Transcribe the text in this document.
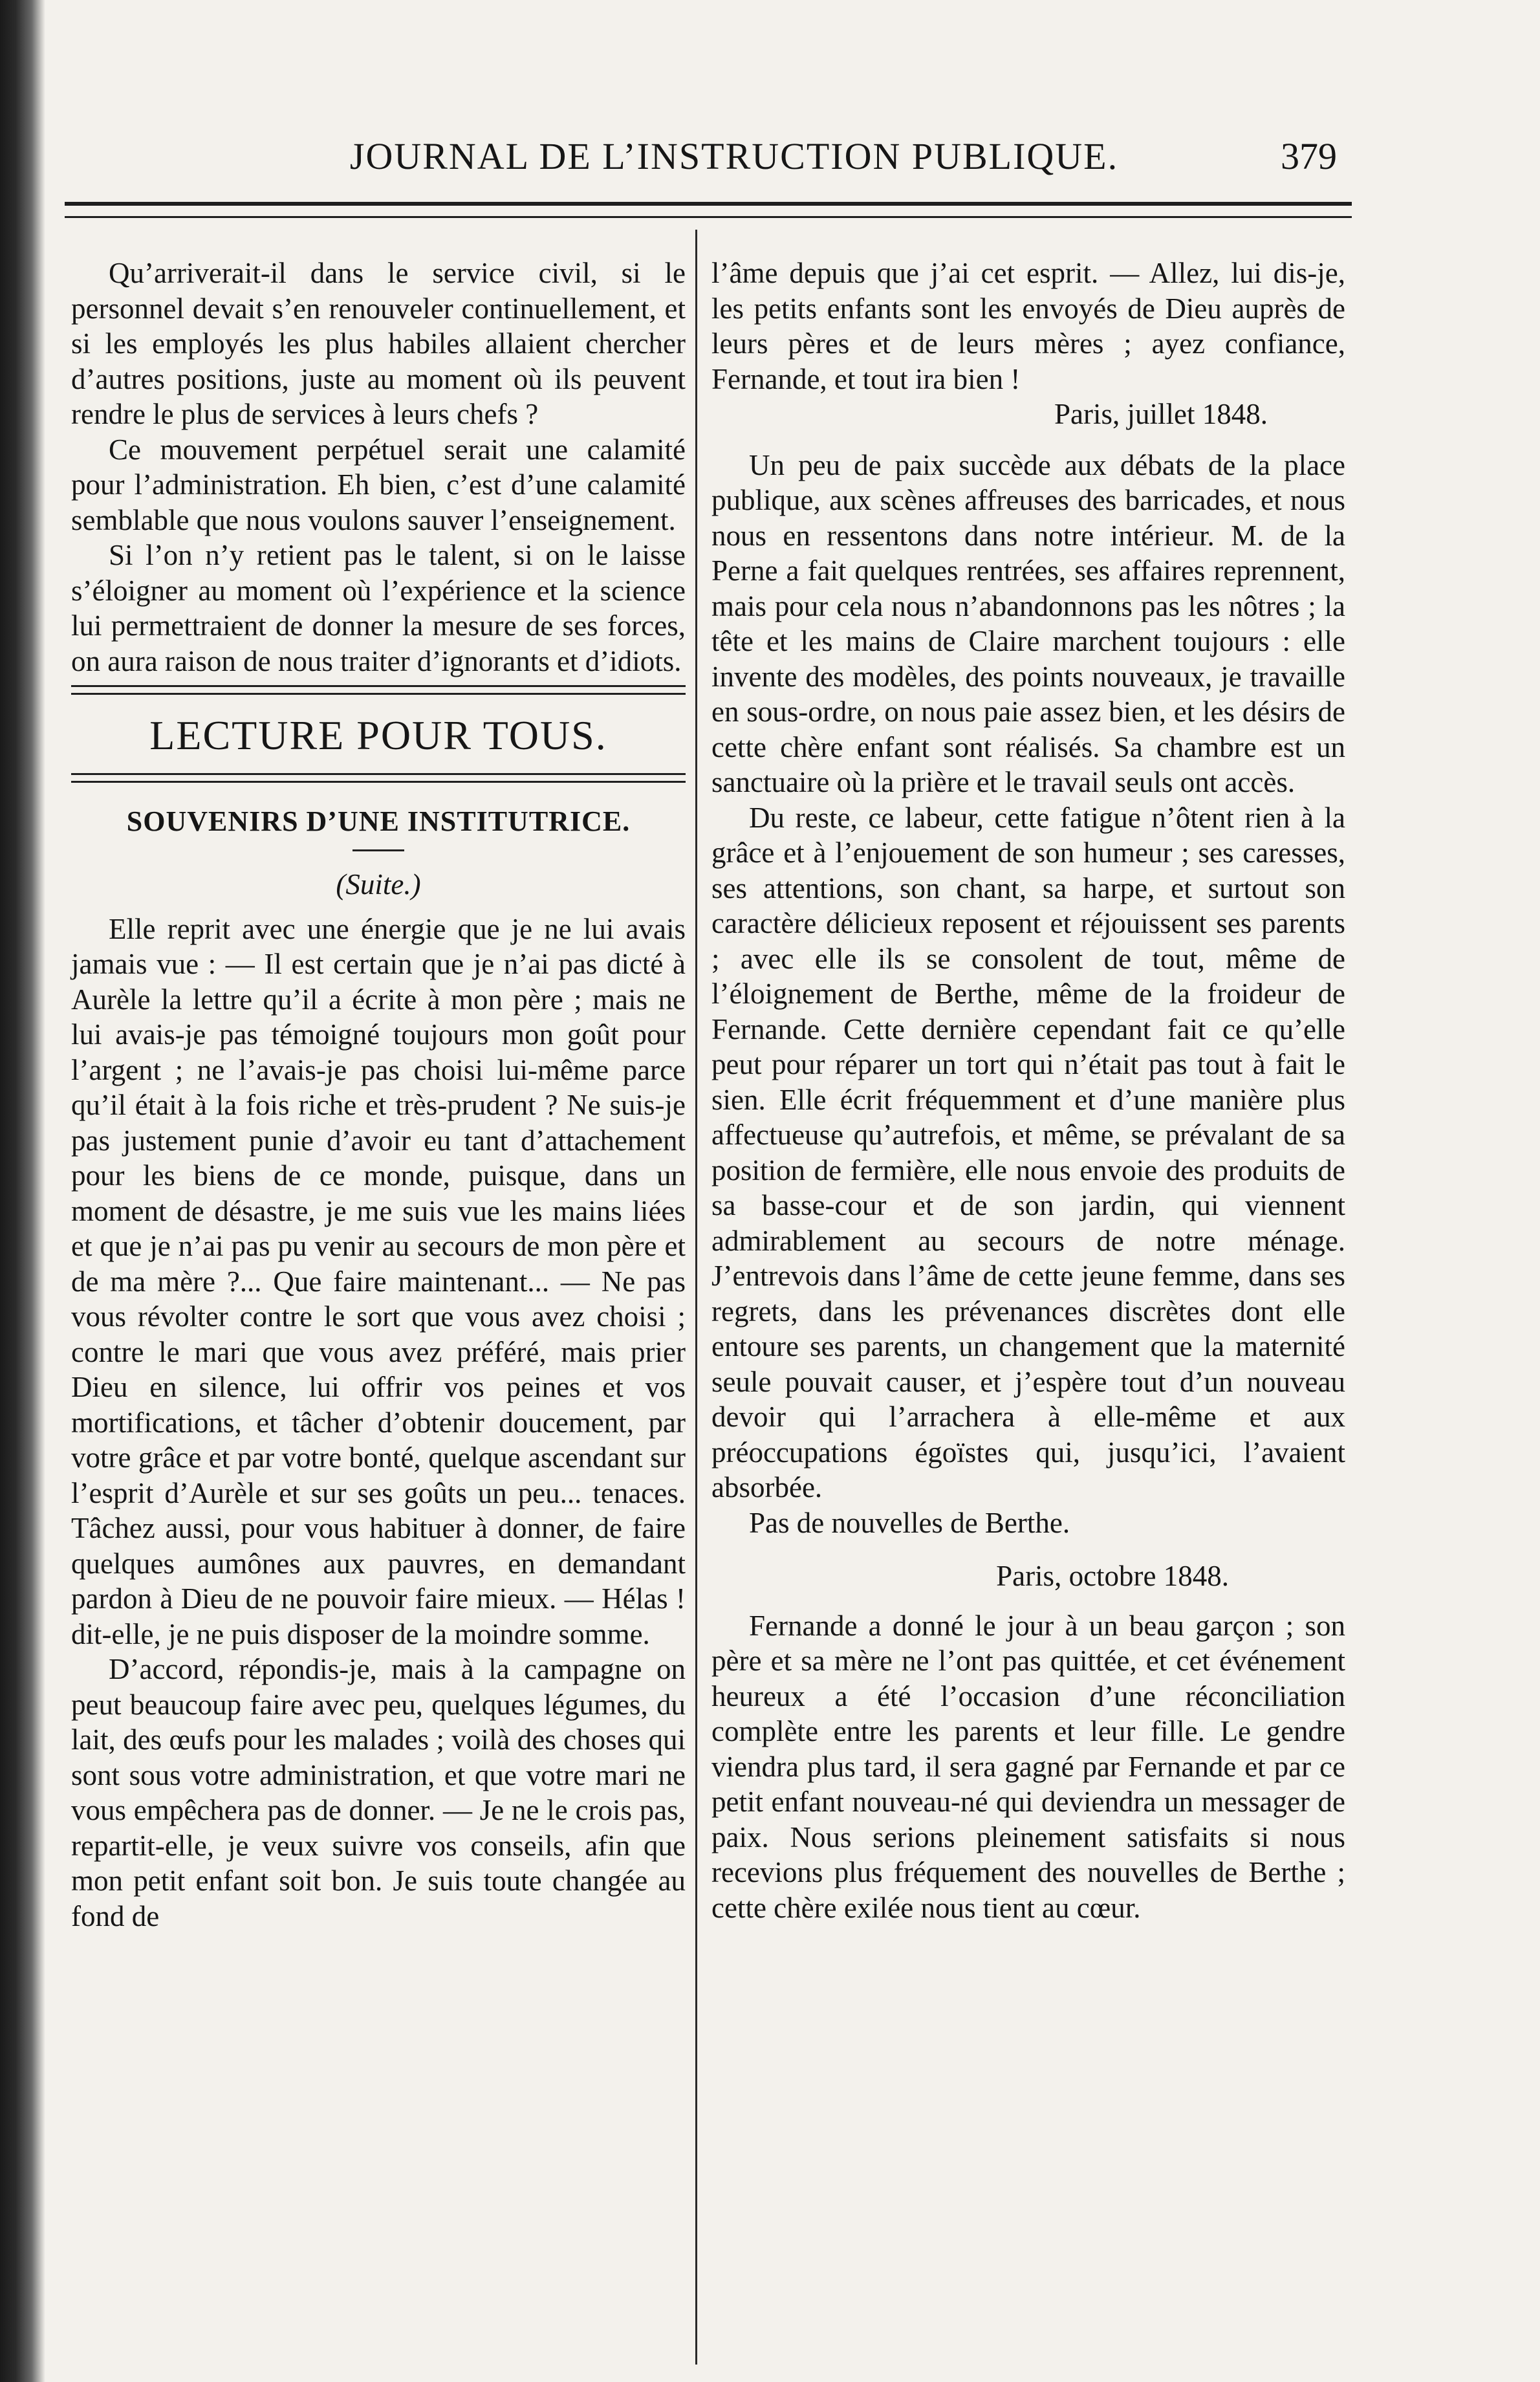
JOURNAL DE L’INSTRUCTION PUBLIQUE.	379

Qu’arriverait-il dans le service civil, si le personnel devait s’en renouveler continuellement, et si les employés les plus habiles allaient chercher d’autres positions, juste au moment où ils peuvent rendre le plus de services à leurs chefs ?

Ce mouvement perpétuel serait une calamité pour l’administration. Eh bien, c’est d’une calamité semblable que nous voulons sauver l’enseignement.

Si l’on n’y retient pas le talent, si on le laisse s’éloigner au moment où l’expérience et la science lui permettraient de donner la mesure de ses forces, on aura raison de nous traiter d’ignorants et d’idiots.

LECTURE POUR TOUS.
SOUVENIRS D’UNE INSTITUTRICE.
(Suite.)

Elle reprit avec une énergie que je ne lui avais jamais vue : — Il est certain que je n’ai pas dicté à Aurèle la lettre qu’il a écrite à mon père ; mais ne lui avais-je pas témoigné toujours mon goût pour l’argent ; ne l’avais-je pas choisi lui-même parce qu’il était à la fois riche et très-prudent ? Ne suis-je pas justement punie d’avoir eu tant d’attachement pour les biens de ce monde, puisque, dans un moment de désastre, je me suis vue les mains liées et que je n’ai pas pu venir au secours de mon père et de ma mère ?... Que faire maintenant... — Ne pas vous révolter contre le sort que vous avez choisi ; contre le mari que vous avez préféré, mais prier Dieu en silence, lui offrir vos peines et vos mortifications, et tâcher d’obtenir doucement, par votre grâce et par votre bonté, quelque ascendant sur l’esprit d’Aurèle et sur ses goûts un peu... tenaces. Tâchez aussi, pour vous habituer à donner, de faire quelques aumônes aux pauvres, en demandant pardon à Dieu de ne pouvoir faire mieux. — Hélas ! dit-elle, je ne puis disposer de la moindre somme.

D’accord, répondis-je, mais à la campagne on peut beaucoup faire avec peu, quelques légumes, du lait, des œufs pour les malades ; voilà des choses qui sont sous votre administration, et que votre mari ne vous empêchera pas de donner. — Je ne le crois pas, repartit-elle, je veux suivre vos conseils, afin que mon petit enfant soit bon. Je suis toute changée au fond de

l’âme depuis que j’ai cet esprit. — Allez, lui dis-je, les petits enfants sont les envoyés de Dieu auprès de leurs pères et de leurs mères ; ayez confiance, Fernande, et tout ira bien !

Paris, juillet 1848.

Un peu de paix succède aux débats de la place publique, aux scènes affreuses des barricades, et nous nous en ressentons dans notre intérieur. M. de la Perne a fait quelques rentrées, ses affaires reprennent, mais pour cela nous n’abandonnons pas les nôtres ; la tête et les mains de Claire marchent toujours : elle invente des modèles, des points nouveaux, je travaille en sous-ordre, on nous paie assez bien, et les désirs de cette chère enfant sont réalisés. Sa chambre est un sanctuaire où la prière et le travail seuls ont accès.

Du reste, ce labeur, cette fatigue n’ôtent rien à la grâce et à l’enjouement de son humeur ; ses caresses, ses attentions, son chant, sa harpe, et surtout son caractère délicieux reposent et réjouissent ses parents ; avec elle ils se consolent de tout, même de l’éloignement de Berthe, même de la froideur de Fernande. Cette dernière cependant fait ce qu’elle peut pour réparer un tort qui n’était pas tout à fait le sien. Elle écrit fréquemment et d’une manière plus affectueuse qu’autrefois, et même, se prévalant de sa position de fermière, elle nous envoie des produits de sa basse-cour et de son jardin, qui viennent admirablement au secours de notre ménage. J’entrevois dans l’âme de cette jeune femme, dans ses regrets, dans les prévenances discrètes dont elle entoure ses parents, un changement que la maternité seule pouvait causer, et j’espère tout d’un nouveau devoir qui l’arrachera à elle-même et aux préoccupations égoïstes qui, jusqu’ici, l’avaient absorbée.

Pas de nouvelles de Berthe.

Paris, octobre 1848.

Fernande a donné le jour à un beau garçon ; son père et sa mère ne l’ont pas quittée, et cet événement heureux a été l’occasion d’une réconciliation complète entre les parents et leur fille. Le gendre viendra plus tard, il sera gagné par Fernande et par ce petit enfant nouveau-né qui deviendra un messager de paix. Nous serions pleinement satisfaits si nous recevions plus fréquement des nouvelles de Berthe ; cette chère exilée nous tient au cœur.
